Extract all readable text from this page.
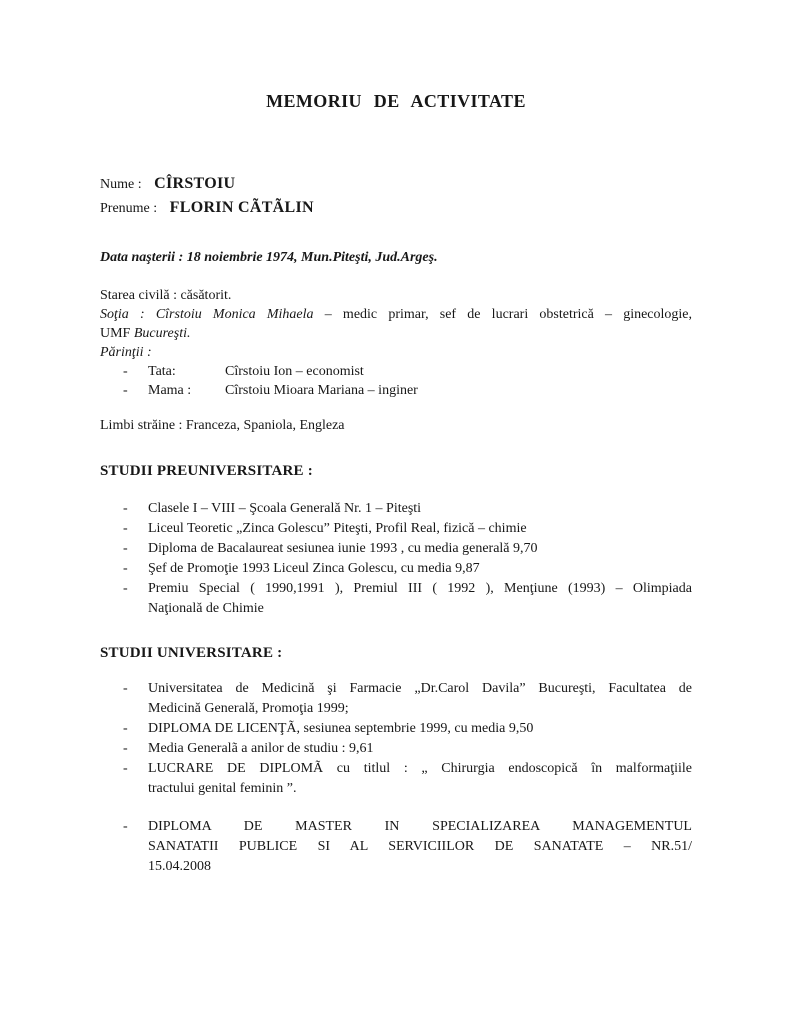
MEMORIU DE ACTIVITATE
Nume : CÎRSTOIU
Prenume : FLORIN CÃTÃLIN
Data naşterii : 18 noiembrie 1974, Mun.Piteşti, Jud.Argeş.
Starea civilă : căsătorit.
Soţia : Cîrstoiu Monica Mihaela – medic primar, sef de lucrari obstetrică – ginecologie,
UMF Bucureşti.
Părinţii :
- Tata:	Cîrstoiu Ion – economist
- Mama : Cîrstoiu Mioara Mariana – inginer
Limbi străine : Franceza, Spaniola, Engleza
STUDII PREUNIVERSITARE :
- Clasele I – VIII – Şcoala Generală Nr. 1 – Piteşti
- Liceul Teoretic „Zinca Golescu” Piteşti, Profil Real, fizică – chimie
- Diploma de Bacalaureat sesiunea iunie 1993 , cu media generală 9,70
- Şef de Promoţie 1993 Liceul Zinca Golescu, cu media 9,87
- Premiu Special ( 1990,1991 ), Premiul III ( 1992 ), Menţiune (1993) – Olimpiada
Naţională de Chimie
STUDII UNIVERSITARE :
- Universitatea de Medicină şi Farmacie „Dr.Carol Davila” Bucureşti, Facultatea de
Medicină Generală, Promoţia 1999;
- DIPLOMA DE LICENŢÃ, sesiunea septembrie 1999, cu media 9,50
- Media Generalã a anilor de studiu : 9,61
- LUCRARE DE DIPLOMÃ cu titlul : „ Chirurgia endoscopică în malformaţiile
tractului genital feminin ”.
- DIPLOMA DE MASTER IN SPECIALIZAREA MANAGEMENTUL
SANATATII PUBLICE SI AL SERVICIILOR DE SANATATE – NR.51/
15.04.2008
